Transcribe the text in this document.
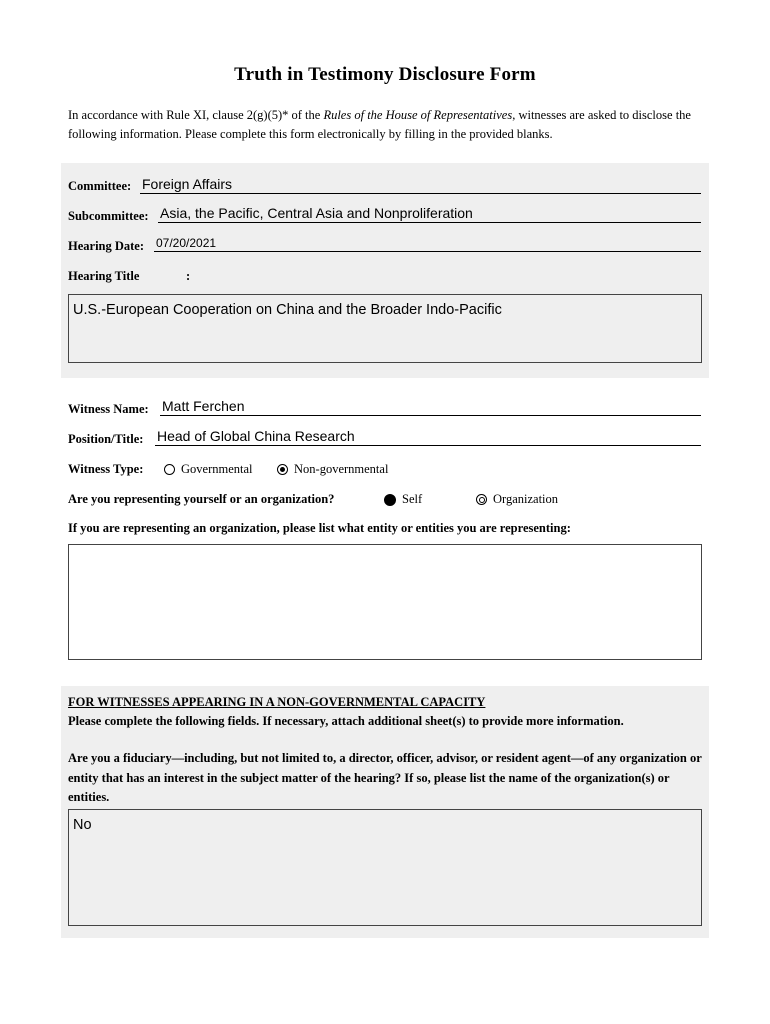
Truth in Testimony Disclosure Form
In accordance with Rule XI, clause 2(g)(5)* of the Rules of the House of Representatives, witnesses are asked to disclose the following information. Please complete this form electronically by filling in the provided blanks.
Committee: Foreign Affairs
Subcommittee: Asia, the Pacific, Central Asia and Nonproliferation
Hearing Date: 07/20/2021
Hearing Title	:
U.S.-European Cooperation on China and the Broader Indo-Pacific
Witness Name: Matt Ferchen
Position/Title: Head of Global China Research
Witness Type:	Governmental	Non-governmental
Are you representing yourself or an organization?	Self	Organization
If you are representing an organization, please list what entity or entities you are representing:
FOR WITNESSES APPEARING IN A NON-GOVERNMENTAL CAPACITY
Please complete the following fields. If necessary, attach additional sheet(s) to provide more information.
Are you a fiduciary—including, but not limited to, a director, officer, advisor, or resident agent—of any organization or entity that has an interest in the subject matter of the hearing? If so, please list the name of the organization(s) or entities.
No
